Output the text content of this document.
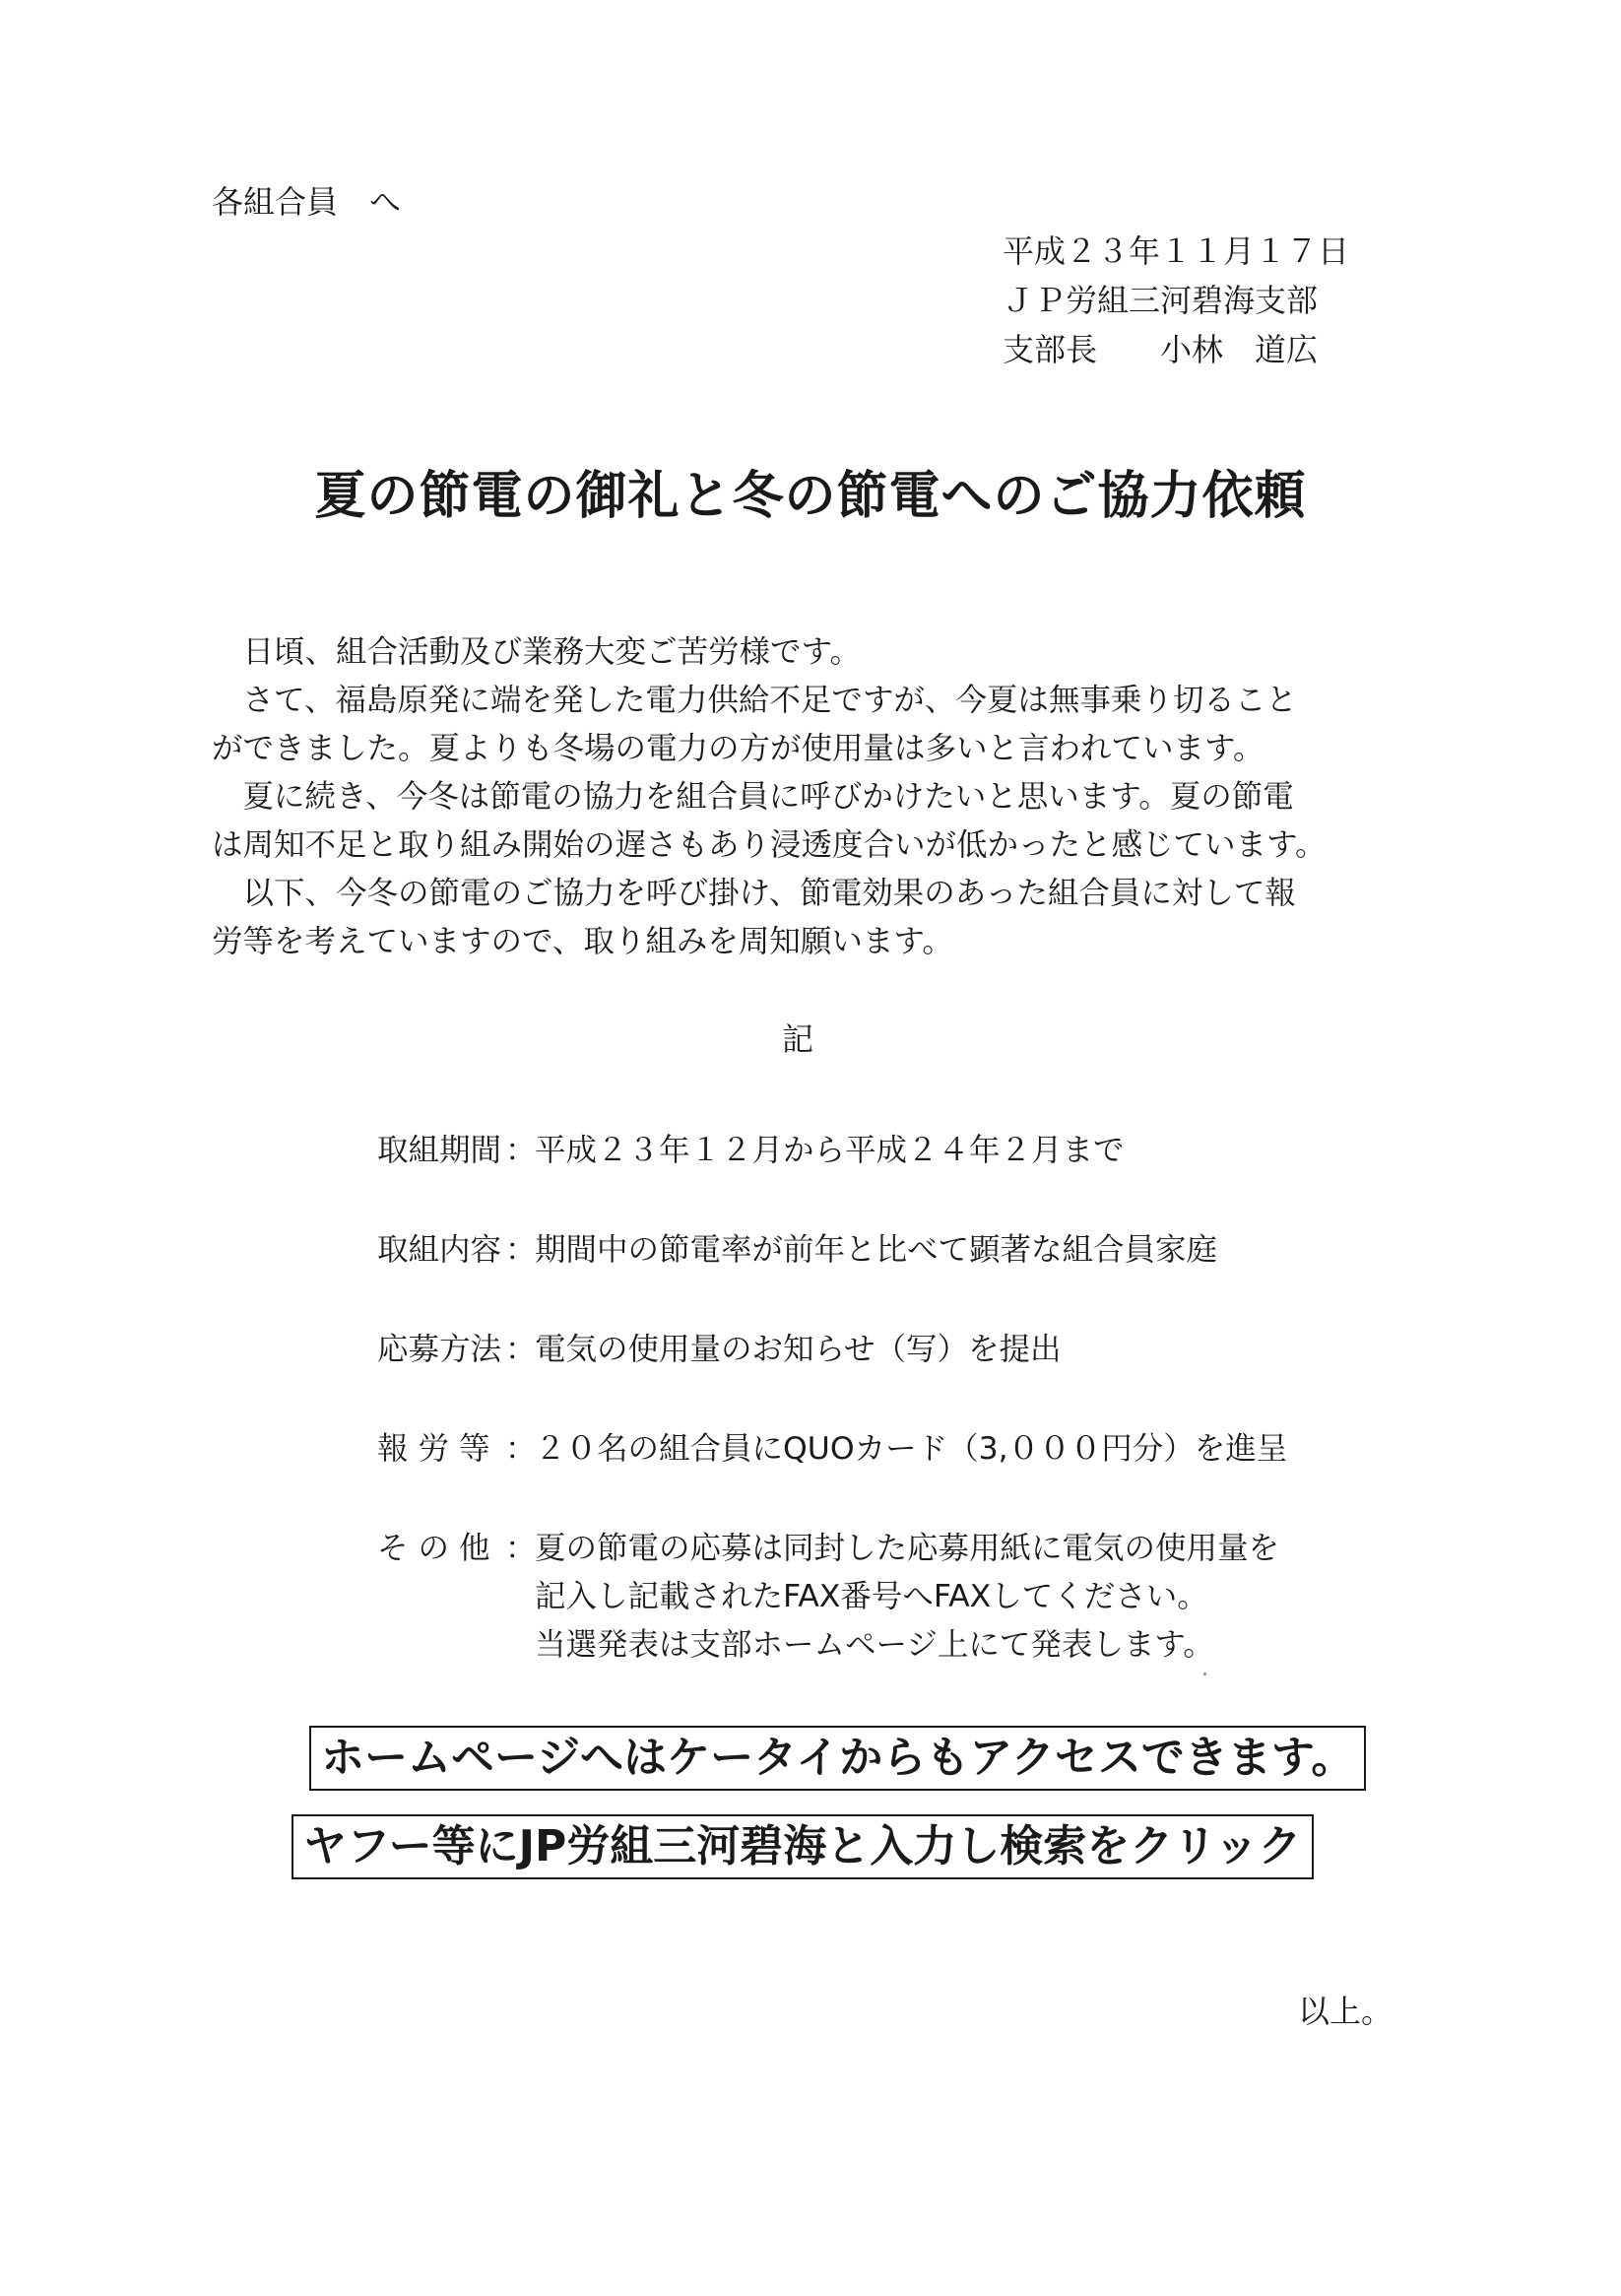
各組合員　へ
平成２３年１１月１７日
ＪＰ労組三河碧海支部
支部長　　小林　道広
夏の節電の御礼と冬の節電へのご協力依頼
　日頃、組合活動及び業務大変ご苦労様です。
　さて、福島原発に端を発した電力供給不足ですが、今夏は無事乗り切ること
ができました。夏よりも冬場の電力の方が使用量は多いと言われています。
　夏に続き、今冬は節電の協力を組合員に呼びかけたいと思います。夏の節電
は周知不足と取り組み開始の遅さもあり浸透度合いが低かったと感じています。
　以下、今冬の節電のご協力を呼び掛け、節電効果のあった組合員に対して報
労等を考えていますので、取り組みを周知願います。
記
取組期間 ：
平成２３年１２月から平成２４年２月まで
取組内容 ：
期間中の節電率が前年と比べて顕著な組合員家庭
応募方法 ：
電気の使用量のお知らせ（写）を提出
報 労 等 ：
２０名の組合員にQUOカード（3,０００円分）を進呈
そ の 他 ：
夏の節電の応募は同封した応募用紙に電気の使用量を
記入し記載されたFAX番号へFAXしてください。
当選発表は支部ホームページ上にて発表します。
ホームページへはケータイからもアクセスできます。
ヤフー等にJP労組三河碧海と入力し検索をクリック
以上。
